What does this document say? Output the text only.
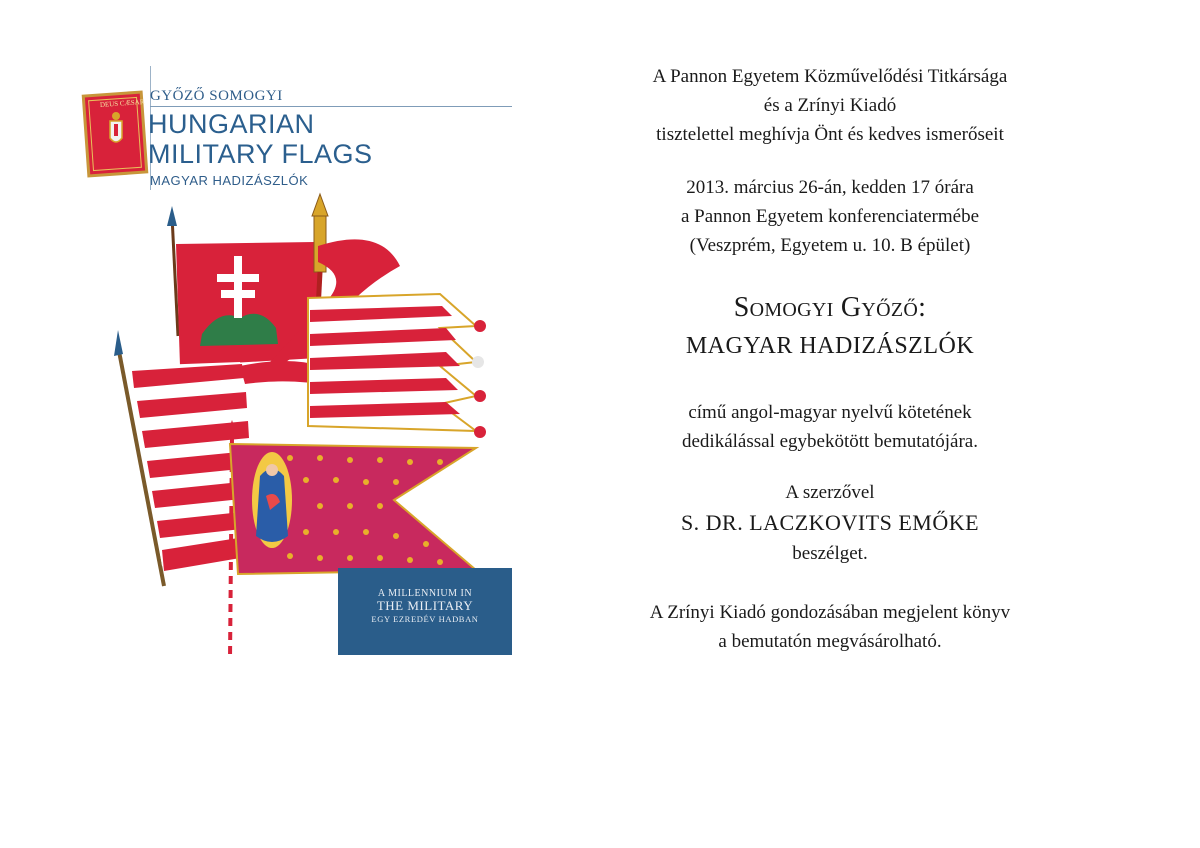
DEUS CÆSAR GYŐZŐ SOMOGYI

HUNGARIAN
MILITARY FLAGS

MAGYAR HADIZÁSZLÓK

A MILLENNIUM IN
THE MILITARY
EGY EZREDÉV HADBAN

A Pannon Egyetem Közművelődési Titkársága

és a Zrínyi Kiadó

tisztelettel meghívja Önt és kedves ismerőseit

2013. március 26-án, kedden 17 órára

a Pannon Egyetem konferenciatermébe

(Veszprém, Egyetem u. 10. B épület)

Somogyi Győző:

MAGYAR HADIZÁSZLÓK

című angol-magyar nyelvű kötetének

dedikálással egybekötött bemutatójára.

A szerzővel

S. DR. LACZKOVITS EMŐKE

beszélget.

A Zrínyi Kiadó gondozásában megjelent könyv

a bemutatón megvásárolható.
